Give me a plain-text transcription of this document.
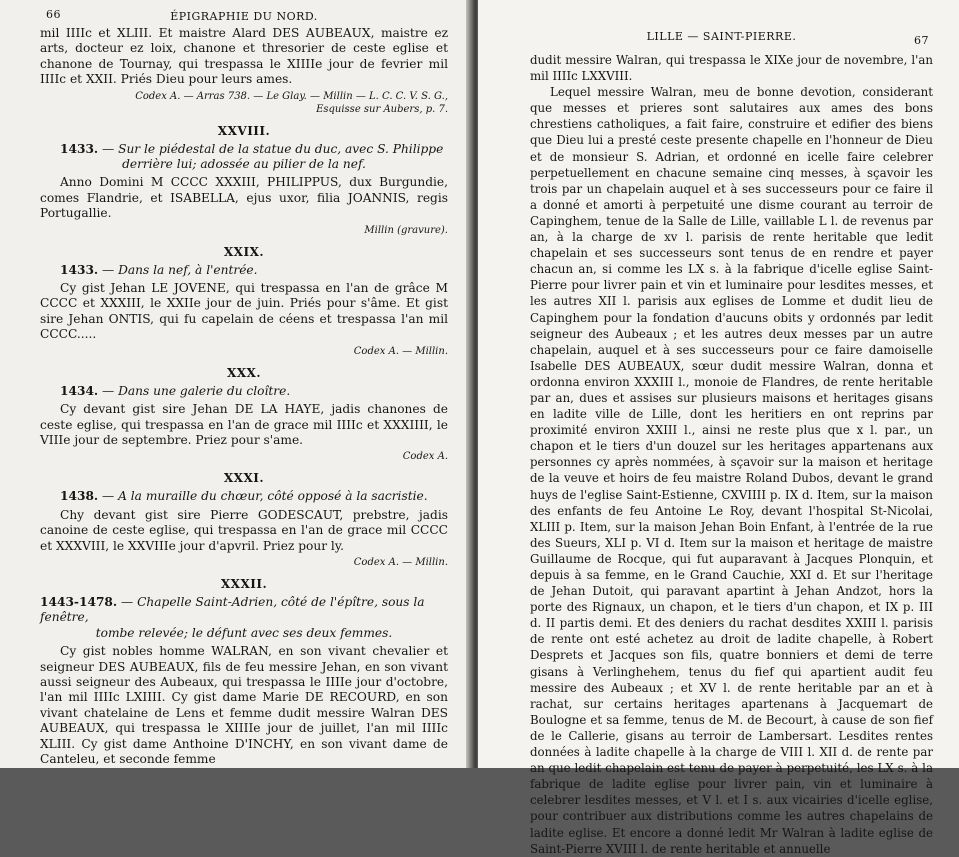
66	ÉPIGRAPHIE DU NORD.

mil IIIIc et XLIII. Et maistre Alard DES AUBEAUX, maistre ez arts, docteur ez loix, chanone et thresorier de ceste eglise et chanone de Tournay, qui trespassa le XIIIIe jour de fevrier mil IIIIc et XXII. Priés Dieu pour leurs ames.

Codex A. — Arras 738. — Le Glay. — Millin — L. C. C. V. S. G.,
Esquisse sur Aubers, p. 7.
XXVIII.
1433. — Sur le piédestal de la statue du duc, avec S. Philippe
derrière lui; adossée au pilier de la nef.

Anno Domini M CCCC XXXIII, PHILIPPUS, dux Burgundie, comes Flandrie, et ISABELLA, ejus uxor, filia JOANNIS, regis Portugallie.

Millin (gravure).
XXIX.
1433. — Dans la nef, à l'entrée.

Cy gist Jehan LE JOVENE, qui trespassa en l'an de grâce M CCCC et XXXIII, le XXIIe jour de juin. Priés pour s'âme. Et gist sire Jehan ONTIS, qui fu capelain de céens et trespassa l'an mil CCCC.....

Codex A. — Millin.
XXX.
1434. — Dans une galerie du cloître.

Cy devant gist sire Jehan DE LA HAYE, jadis chanones de ceste eglise, qui trespassa en l'an de grace mil IIIIc et XXXIIII, le VIIIe jour de septembre. Priez pour s'ame.

Codex A.
XXXI.
1438. — A la muraille du chœur, côté opposé à la sacristie.

Chy devant gist sire Pierre GODESCAUT, prebstre, jadis canoine de ceste eglise, qui trespassa en l'an de grace mil CCCC et XXXVIII, le XXVIIIe jour d'apvril. Priez pour ly.

Codex A. — Millin.
XXXII.
1443-1478. — Chapelle Saint-Adrien, côté de l'épître, sous la fenêtre,
tombe relevée; le défunt avec ses deux femmes.

Cy gist nobles homme WALRAN, en son vivant chevalier et seigneur DES AUBEAUX, fils de feu messire Jehan, en son vivant aussi seigneur des Aubeaux, qui trespassa le IIIIe jour d'octobre, l'an mil IIIIc LXIIII. Cy gist dame Marie DE RECOURD, en son vivant chatelaine de Lens et femme dudit messire Walran DES AUBEAUX, qui trespassa le XIIIIe jour de juillet, l'an mil IIIIc XLIII. Cy gist dame Anthoine D'INCHY, en son vivant dame de Canteleu, et seconde femme

LILLE — SAINT-PIERRE.	67

dudit messire Walran, qui trespassa le XIXe jour de novembre, l'an mil IIIIc LXXVIII.

Lequel messire Walran, meu de bonne devotion, considerant que messes et prieres sont salutaires aux ames des bons chrestiens catholiques, a fait faire, construire et edifier des biens que Dieu lui a presté ceste presente chapelle en l'honneur de Dieu et de monsieur S. Adrian, et ordonné en icelle faire celebrer perpetuellement en chacune semaine cinq messes, à sçavoir les trois par un chapelain auquel et à ses successeurs pour ce faire il a donné et amorti à perpetuité une disme courant au terroir de Capinghem, tenue de la Salle de Lille, vaillable L l. de revenus par an, à la charge de xv l. parisis de rente heritable que ledit chapelain et ses successeurs sont tenus de en rendre et payer chacun an, si comme les LX s. à la fabrique d'icelle eglise Saint-Pierre pour livrer pain et vin et luminaire pour lesdites messes, et les autres XII l. parisis aux eglises de Lomme et dudit lieu de Capinghem pour la fondation d'aucuns obits y ordonnés par ledit seigneur des Aubeaux ; et les autres deux messes par un autre chapelain, auquel et à ses successeurs pour ce faire damoiselle Isabelle DES AUBEAUX, sœur dudit messire Walran, donna et ordonna environ XXXIII l., monoie de Flandres, de rente heritable par an, dues et assises sur plusieurs maisons et heritages gisans en ladite ville de Lille, dont les heritiers en ont reprins par proximité environ XXIII l., ainsi ne reste plus que x l. par., un chapon et le tiers d'un douzel sur les heritages appartenans aux personnes cy après nommées, à sçavoir sur la maison et heritage de la veuve et hoirs de feu maistre Roland Dubos, devant le grand huys de l'eglise Saint-Estienne, CXVIIII p. IX d. Item, sur la maison des enfants de feu Antoine Le Roy, devant l'hospital St-Nicolai, XLIII p. Item, sur la maison Jehan Boin Enfant, à l'entrée de la rue des Sueurs, XLI p. VI d. Item sur la maison et heritage de maistre Guillaume de Rocque, qui fut auparavant à Jacques Plonquin, et depuis à sa femme, en le Grand Cauchie, XXI d. Et sur l'heritage de Jehan Dutoit, qui paravant apartint à Jehan Andzot, hors la porte des Rignaux, un chapon, et le tiers d'un chapon, et IX p. III d. II partis demi. Et des deniers du rachat desdites XXIII l. parisis de rente ont esté achetez au droit de ladite chapelle, à Robert Desprets et Jacques son fils, quatre bonniers et demi de terre gisans à Verlinghehem, tenus du fief qui apartient audit feu messire des Aubeaux ; et XV l. de rente heritable par an et à rachat, sur certains heritages apartenans à Jacquemart de Boulogne et sa femme, tenus de M. de Becourt, à cause de son fief de le Callerie, gisans au terroir de Lambersart. Lesdites rentes données à ladite chapelle à la charge de VIII l. XII d. de rente par an que ledit chapelain est tenu de payer à perpetuité, les LX s. à la fabrique de ladite eglise pour livrer pain, vin et luminaire à celebrer lesdites messes, et V l. et I s. aux vicairies d'icelle eglise, pour contribuer aux distributions comme les autres chapelains de ladite eglise. Et encore a donné ledit Mr Walran à ladite eglise de Saint-Pierre XVIII l. de rente heritable et annuelle
